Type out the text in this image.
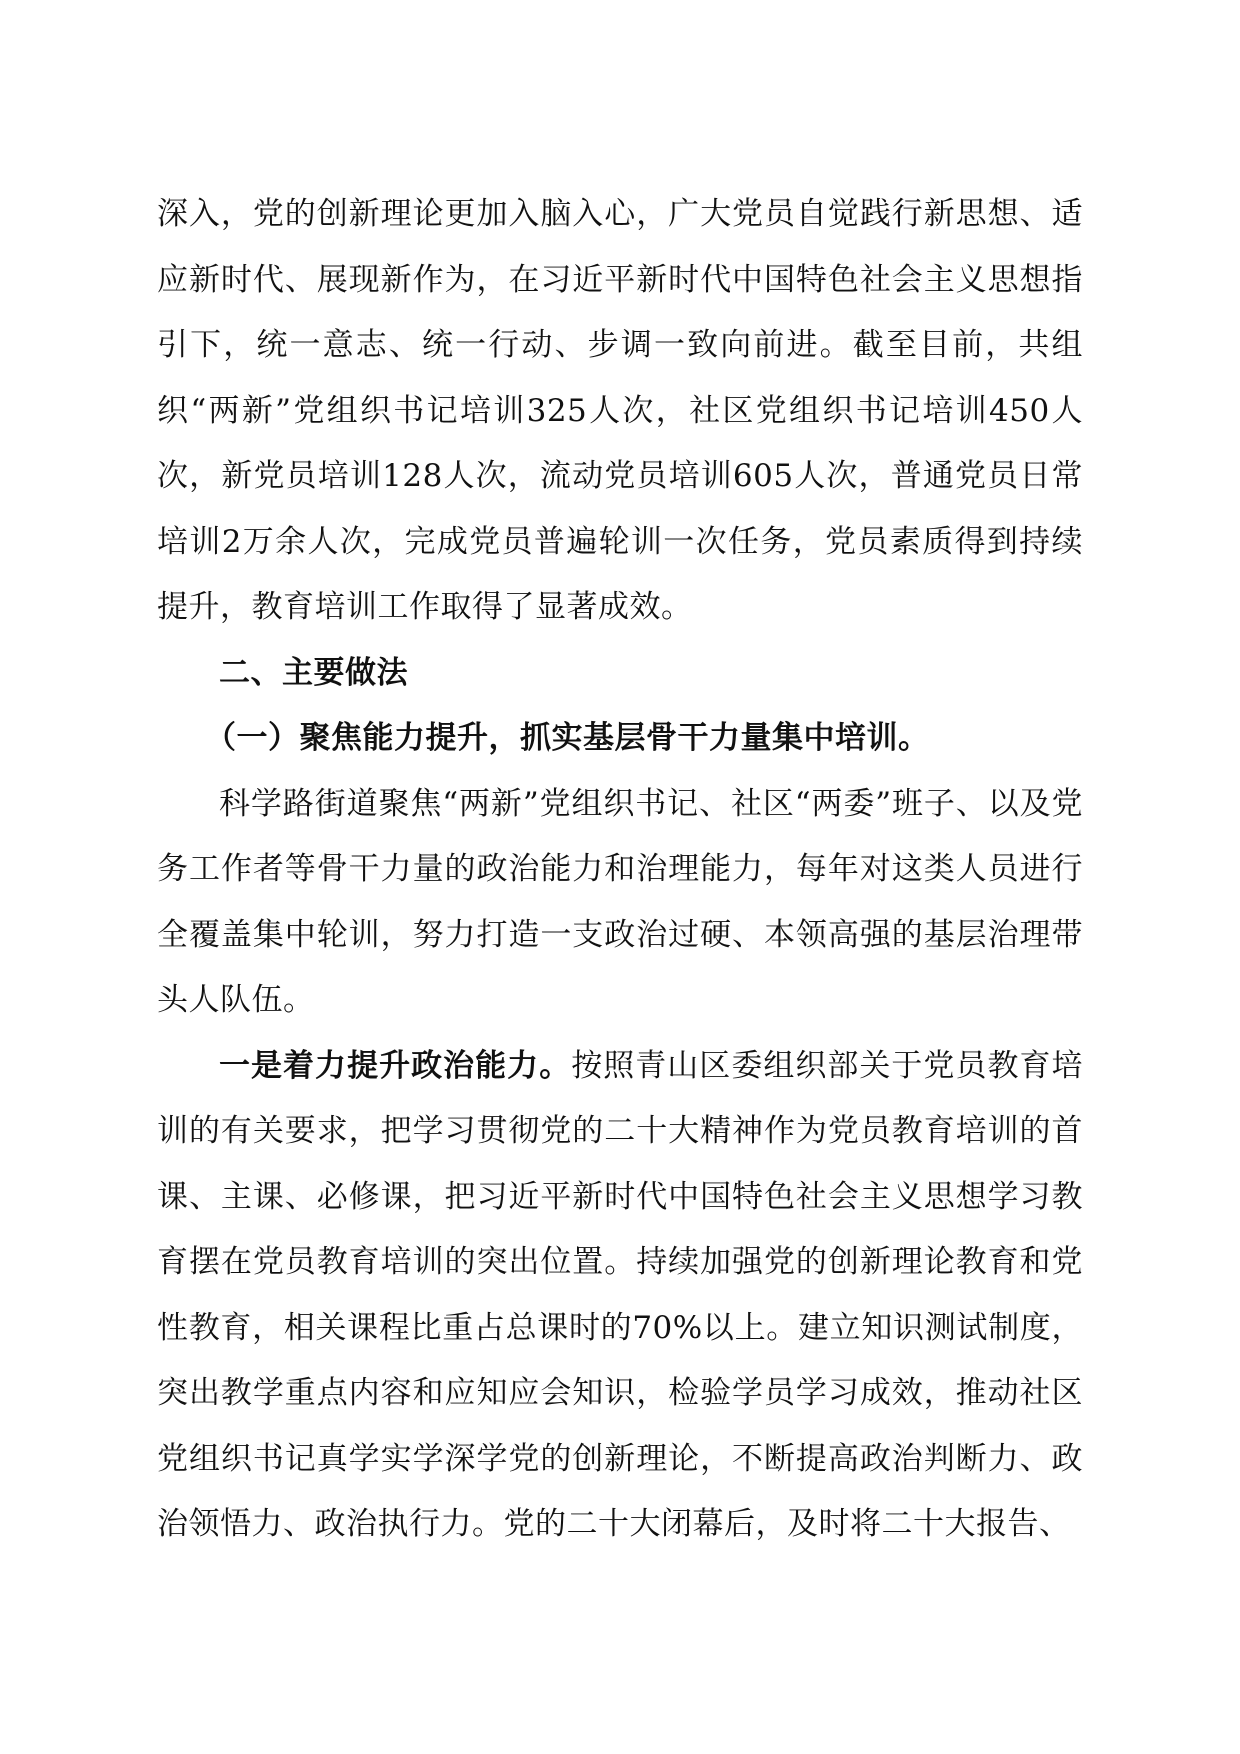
深入，党的创新理论更加入脑入心，广大党员自觉践行新思想、适应新时代、展现新作为，在习近平新时代中国特色社会主义思想指引下，统一意志、统一行动、步调一致向前进。截至目前，共组织“两新”党组织书记培训325人次，社区党组织书记培训450人次，新党员培训128人次，流动党员培训605人次，普通党员日常培训2万余人次，完成党员普遍轮训一次任务，党员素质得到持续提升，教育培训工作取得了显著成效。

二、主要做法

（一）聚焦能力提升，抓实基层骨干力量集中培训。

科学路街道聚焦“两新”党组织书记、社区“两委”班子、以及党务工作者等骨干力量的政治能力和治理能力，每年对这类人员进行全覆盖集中轮训，努力打造一支政治过硬、本领高强的基层治理带头人队伍。

一是着力提升政治能力。按照青山区委组织部关于党员教育培训的有关要求，把学习贯彻党的二十大精神作为党员教育培训的首课、主课、必修课，把习近平新时代中国特色社会主义思想学习教育摆在党员教育培训的突出位置。持续加强党的创新理论教育和党性教育，相关课程比重占总课时的70%以上。建立知识测试制度，突出教学重点内容和应知应会知识，检验学员学习成效，推动社区党组织书记真学实学深学党的创新理论，不断提高政治判断力、政治领悟力、政治执行力。党的二十大闭幕后，及时将二十大报告、
